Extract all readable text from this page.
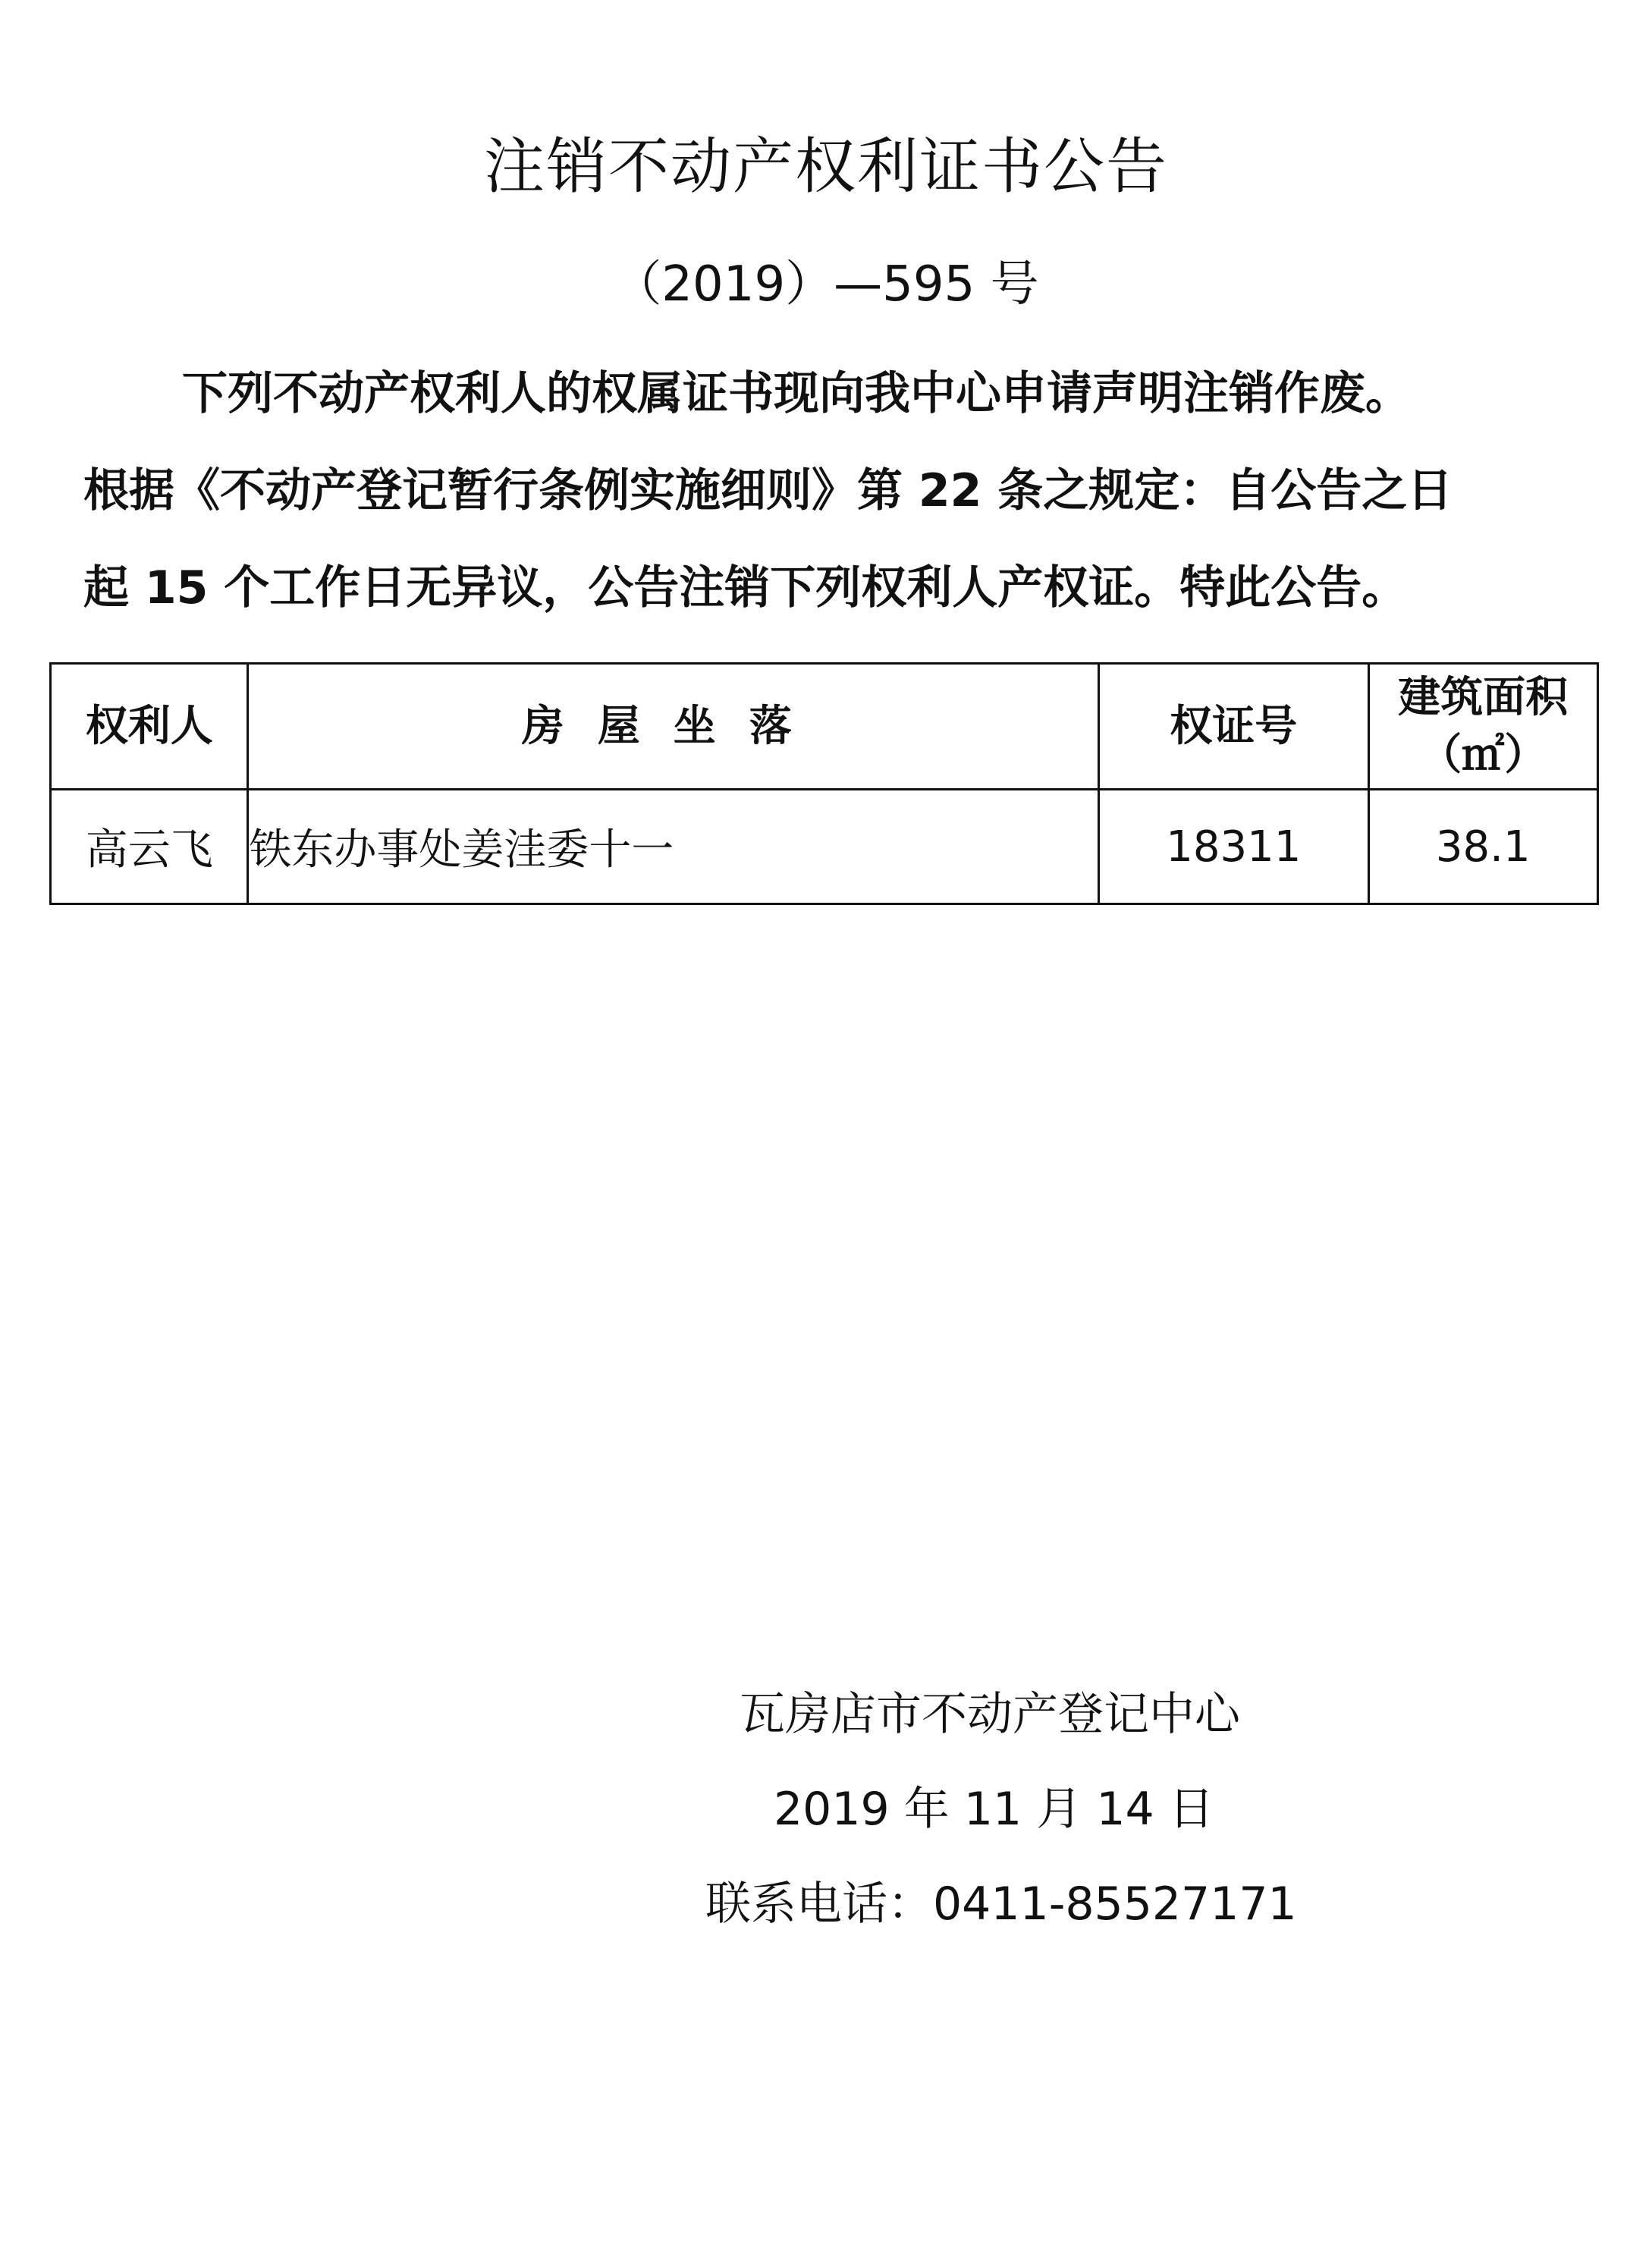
注销不动产权利证书公告
（2019）—595 号
下列不动产权利人的权属证书现向我中心申请声明注销作废。
根据《不动产登记暂行条例实施细则》第 22 条之规定：自公告之日
起 15 个工作日无异议，公告注销下列权利人产权证。特此公告。
权利人	房屋坐落	权证号	建筑面积
（㎡）

高云飞	铁东办事处姜洼委十一	18311	38.1
瓦房店市不动产登记中心
2019 年 11 月 14 日
联系电话：0411-85527171
